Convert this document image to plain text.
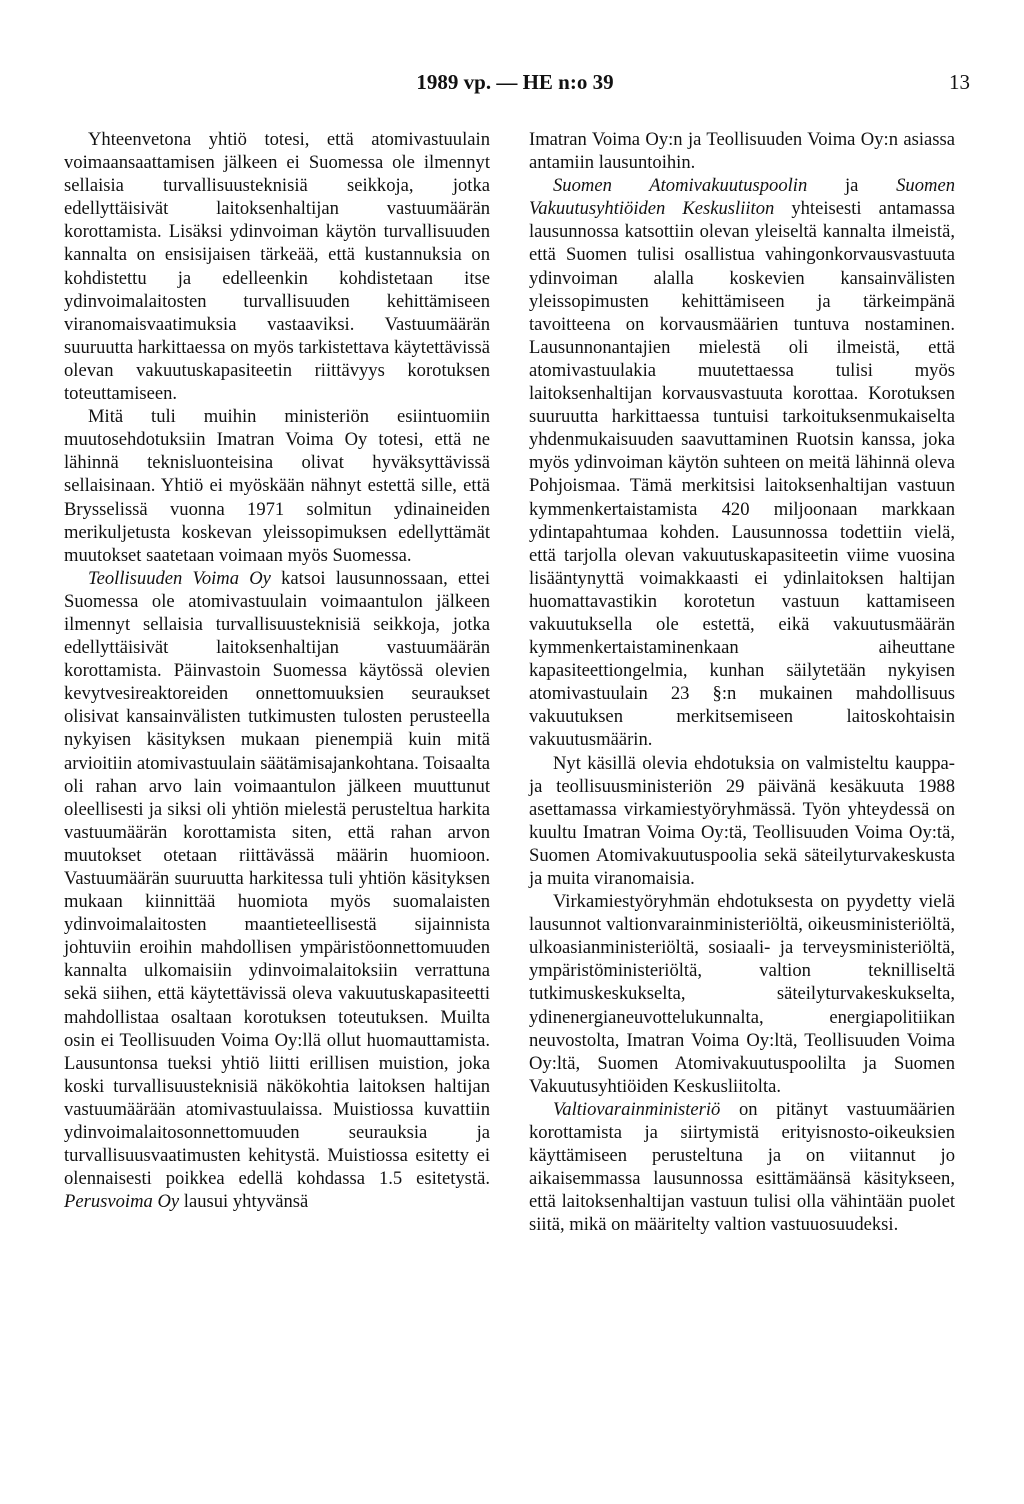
1989 vp. — HE n:o 39	13

Yhteenvetona yhtiö totesi, että atomivastuulain voimaansaattamisen jälkeen ei Suomessa ole ilmennyt sellaisia turvallisuusteknisiä seikkoja, jotka edellyttäisivät laitoksenhaltijan vastuumäärän korottamista. Lisäksi ydinvoiman käytön turvallisuuden kannalta on ensisijaisen tärkeää, että kustannuksia on kohdistettu ja edelleenkin kohdistetaan itse ydinvoimalaitosten turvallisuuden kehittämiseen viranomaisvaatimuksia vastaaviksi. Vastuumäärän suuruutta harkittaessa on myös tarkistettava käytettävissä olevan vakuutuskapasiteetin riittävyys korotuksen toteuttamiseen.

Mitä tuli muihin ministeriön esiintuomiin muutosehdotuksiin Imatran Voima Oy totesi, että ne lähinnä teknisluonteisina olivat hyväksyttävissä sellaisinaan. Yhtiö ei myöskään nähnyt estettä sille, että Brysselissä vuonna 1971 solmitun ydinaineiden merikuljetusta koskevan yleissopimuksen edellyttämät muutokset saatetaan voimaan myös Suomessa.

Teollisuuden Voima Oy katsoi lausunnossaan, ettei Suomessa ole atomivastuulain voimaantulon jälkeen ilmennyt sellaisia turvallisuusteknisiä seikkoja, jotka edellyttäisivät laitoksenhaltijan vastuumäärän korottamista. Päinvastoin Suomessa käytössä olevien kevytvesireaktoreiden onnettomuuksien seuraukset olisivat kansainvälisten tutkimusten tulosten perusteella nykyisen käsityksen mukaan pienempiä kuin mitä arvioitiin atomivastuulain säätämisajankohtana. Toisaalta oli rahan arvo lain voimaantulon jälkeen muuttunut oleellisesti ja siksi oli yhtiön mielestä perusteltua harkita vastuumäärän korottamista siten, että rahan arvon muutokset otetaan riittävässä määrin huomioon. Vastuumäärän suuruutta harkitessa tuli yhtiön käsityksen mukaan kiinnittää huomiota myös suomalaisten ydinvoimalaitosten maantieteellisestä sijainnista johtuviin eroihin mahdollisen ympäristöonnettomuuden kannalta ulkomaisiin ydinvoimalaitoksiin verrattuna sekä siihen, että käytettävissä oleva vakuutuskapasiteetti mahdollistaa osaltaan korotuksen toteutuksen. Muilta osin ei Teollisuuden Voima Oy:llä ollut huomauttamista. Lausuntonsa tueksi yhtiö liitti erillisen muistion, joka koski turvallisuusteknisiä näkökohtia laitoksen haltijan vastuumäärään atomivastuulaissa. Muistiossa kuvattiin ydinvoimalaitosonnettomuuden seurauksia ja turvallisuusvaatimusten kehitystä. Muistiossa esitetty ei olennaisesti poikkea edellä kohdassa 1.5 esitetystä. Perusvoima Oy lausui yhtyvänsä

Imatran Voima Oy:n ja Teollisuuden Voima Oy:n asiassa antamiin lausuntoihin.

Suomen Atomivakuutuspoolin ja Suomen Vakuutusyhtiöiden Keskusliiton yhteisesti antamassa lausunnossa katsottiin olevan yleiseltä kannalta ilmeistä, että Suomen tulisi osallistua vahingonkorvausvastuuta ydinvoiman alalla koskevien kansainvälisten yleissopimusten kehittämiseen ja tärkeimpänä tavoitteena on korvausmäärien tuntuva nostaminen. Lausunnonantajien mielestä oli ilmeistä, että atomivastuulakia muutettaessa tulisi myös laitoksenhaltijan korvausvastuuta korottaa. Korotuksen suuruutta harkittaessa tuntuisi tarkoituksenmukaiselta yhdenmukaisuuden saavuttaminen Ruotsin kanssa, joka myös ydinvoiman käytön suhteen on meitä lähinnä oleva Pohjoismaa. Tämä merkitsisi laitoksenhaltijan vastuun kymmenkertaistamista 420 miljoonaan markkaan ydintapahtumaa kohden. Lausunnossa todettiin vielä, että tarjolla olevan vakuutuskapasiteetin viime vuosina lisääntynyttä voimakkaasti ei ydinlaitoksen haltijan huomattavastikin korotetun vastuun kattamiseen vakuutuksella ole estettä, eikä vakuutusmäärän kymmenkertaistaminenkaan aiheuttane kapasiteettiongelmia, kunhan säilytetään nykyisen atomivastuulain 23 §:n mukainen mahdollisuus vakuutuksen merkitsemiseen laitoskohtaisin vakuutusmäärin.

Nyt käsillä olevia ehdotuksia on valmisteltu kauppa- ja teollisuusministeriön 29 päivänä kesäkuuta 1988 asettamassa virkamiestyöryhmässä. Työn yhteydessä on kuultu Imatran Voima Oy:tä, Teollisuuden Voima Oy:tä, Suomen Atomivakuutuspoolia sekä säteilyturvakeskusta ja muita viranomaisia.

Virkamiestyöryhmän ehdotuksesta on pyydetty vielä lausunnot valtionvarainministeriöltä, oikeusministeriöltä, ulkoasianministeriöltä, sosiaali- ja terveysministeriöltä, ympäristöministeriöltä, valtion teknilliseltä tutkimuskeskukselta, säteilyturvakeskukselta, ydinenergianeuvottelukunnalta, energiapolitiikan neuvostolta, Imatran Voima Oy:ltä, Teollisuuden Voima Oy:ltä, Suomen Atomivakuutuspoolilta ja Suomen Vakuutusyhtiöiden Keskusliitolta.

Valtiovarainministeriö on pitänyt vastuumäärien korottamista ja siirtymistä erityisnosto-oikeuksien käyttämiseen perusteltuna ja on viitannut jo aikaisemmassa lausunnossa esittämäänsä käsitykseen, että laitoksenhaltijan vastuun tulisi olla vähintään puolet siitä, mikä on määritelty valtion vastuuosuudeksi.
